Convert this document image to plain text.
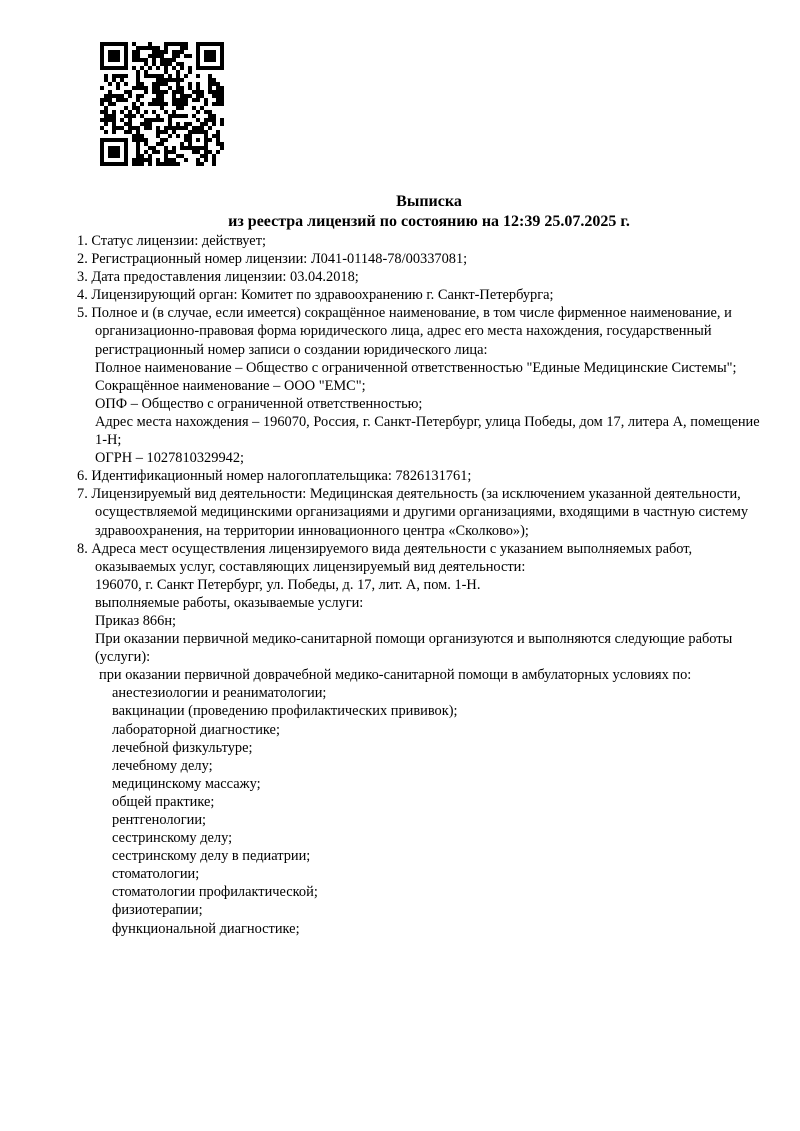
Выписка

из реестра лицензий по состоянию на 12:39 25.07.2025 г.

1. Статус лицензии: действует;

2. Регистрационный номер лицензии: Л041-01148-78/00337081;

3. Дата предоставления лицензии: 03.04.2018;

4. Лицензирующий орган: Комитет по здравоохранению г. Санкт-Петербурга;

5. Полное и (в случае, если имеется) сокращённое наименование, в том числе фирменное наименование, и организационно-правовая форма юридического лица, адрес его места нахождения, государственный регистрационный номер записи о создании юридического лица:

Полное наименование – Общество с ограниченной ответственностью "Единые Медицинские Системы";

Сокращённое наименование – ООО "ЕМС";

ОПФ – Общество с ограниченной ответственностью;

Адрес места нахождения – 196070, Россия, г. Санкт-Петербург, улица Победы, дом 17, литера А, помещение 1-Н;

ОГРН – 1027810329942;

6. Идентификационный номер налогоплательщика: 7826131761;

7. Лицензируемый вид деятельности: Медицинская деятельность (за исключением указанной деятельности, осуществляемой медицинскими организациями и другими организациями, входящими в частную систему здравоохранения, на территории инновационного центра «Сколково»);

8. Адреса мест осуществления лицензируемого вида деятельности с указанием выполняемых работ, оказываемых услуг, составляющих лицензируемый вид деятельности:

196070, г. Санкт Петербург, ул. Победы, д. 17, лит. А, пом. 1-Н.

выполняемые работы, оказываемые услуги:

Приказ 866н;

При оказании первичной медико-санитарной помощи организуются и выполняются следующие работы (услуги):

при оказании первичной доврачебной медико-санитарной помощи в амбулаторных условиях по:

анестезиологии и реаниматологии;
вакцинации (проведению профилактических прививок);
лабораторной диагностике;
лечебной физкультуре;
лечебному делу;
медицинскому массажу;
общей практике;
рентгенологии;
сестринскому делу;
сестринскому делу в педиатрии;
стоматологии;
стоматологии профилактической;
физиотерапии;
функциональной диагностике;
